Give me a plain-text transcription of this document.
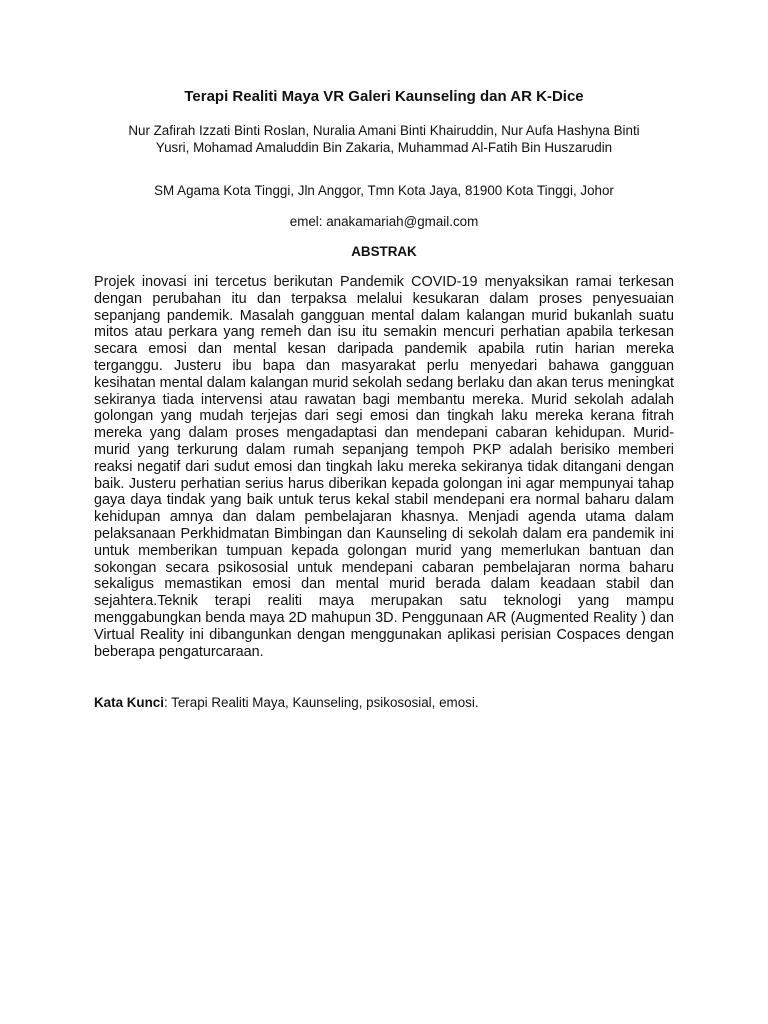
Terapi Realiti Maya VR Galeri Kaunseling dan AR K-Dice
Nur Zafirah Izzati Binti Roslan, Nuralia Amani Binti Khairuddin, Nur Aufa Hashyna Binti
Yusri, Mohamad Amaluddin Bin Zakaria, Muhammad Al-Fatih Bin Huszarudin
SM Agama Kota Tinggi, Jln Anggor, Tmn Kota Jaya, 81900 Kota Tinggi, Johor
emel: anakamariah@gmail.com
ABSTRAK
Projek inovasi ini tercetus berikutan Pandemik COVID-19 menyaksikan ramai terkesan dengan perubahan itu dan terpaksa melalui kesukaran dalam proses penyesuaian sepanjang pandemik. Masalah gangguan mental dalam kalangan murid bukanlah suatu mitos atau perkara yang remeh dan isu itu semakin mencuri perhatian apabila terkesan secara emosi dan mental kesan daripada pandemik apabila rutin harian mereka terganggu. Justeru ibu bapa dan masyarakat perlu menyedari bahawa gangguan kesihatan mental dalam kalangan murid sekolah sedang berlaku dan akan terus meningkat sekiranya tiada intervensi atau rawatan bagi membantu mereka. Murid sekolah adalah golongan yang mudah terjejas dari segi emosi dan tingkah laku mereka kerana fitrah mereka yang dalam proses mengadaptasi dan mendepani cabaran kehidupan. Murid-murid yang terkurung dalam rumah sepanjang tempoh PKP adalah berisiko memberi reaksi negatif dari sudut emosi dan tingkah laku mereka sekiranya tidak ditangani dengan baik. Justeru perhatian serius harus diberikan kepada golongan ini agar mempunyai tahap gaya daya tindak yang baik untuk terus kekal stabil mendepani era normal baharu dalam kehidupan amnya dan dalam pembelajaran khasnya. Menjadi agenda utama dalam pelaksanaan Perkhidmatan Bimbingan dan Kaunseling di sekolah dalam era pandemik ini untuk memberikan tumpuan kepada golongan murid yang memerlukan bantuan dan sokongan secara psikososial untuk mendepani cabaran pembelajaran norma baharu sekaligus memastikan emosi dan mental murid berada dalam keadaan stabil dan sejahtera.Teknik terapi realiti maya merupakan satu teknologi yang mampu menggabungkan benda maya 2D mahupun 3D. Penggunaan AR (Augmented Reality ) dan Virtual Reality ini dibangunkan dengan menggunakan aplikasi perisian Cospaces dengan beberapa pengaturcaraan.
Kata Kunci: Terapi Realiti Maya, Kaunseling, psikososial, emosi.
